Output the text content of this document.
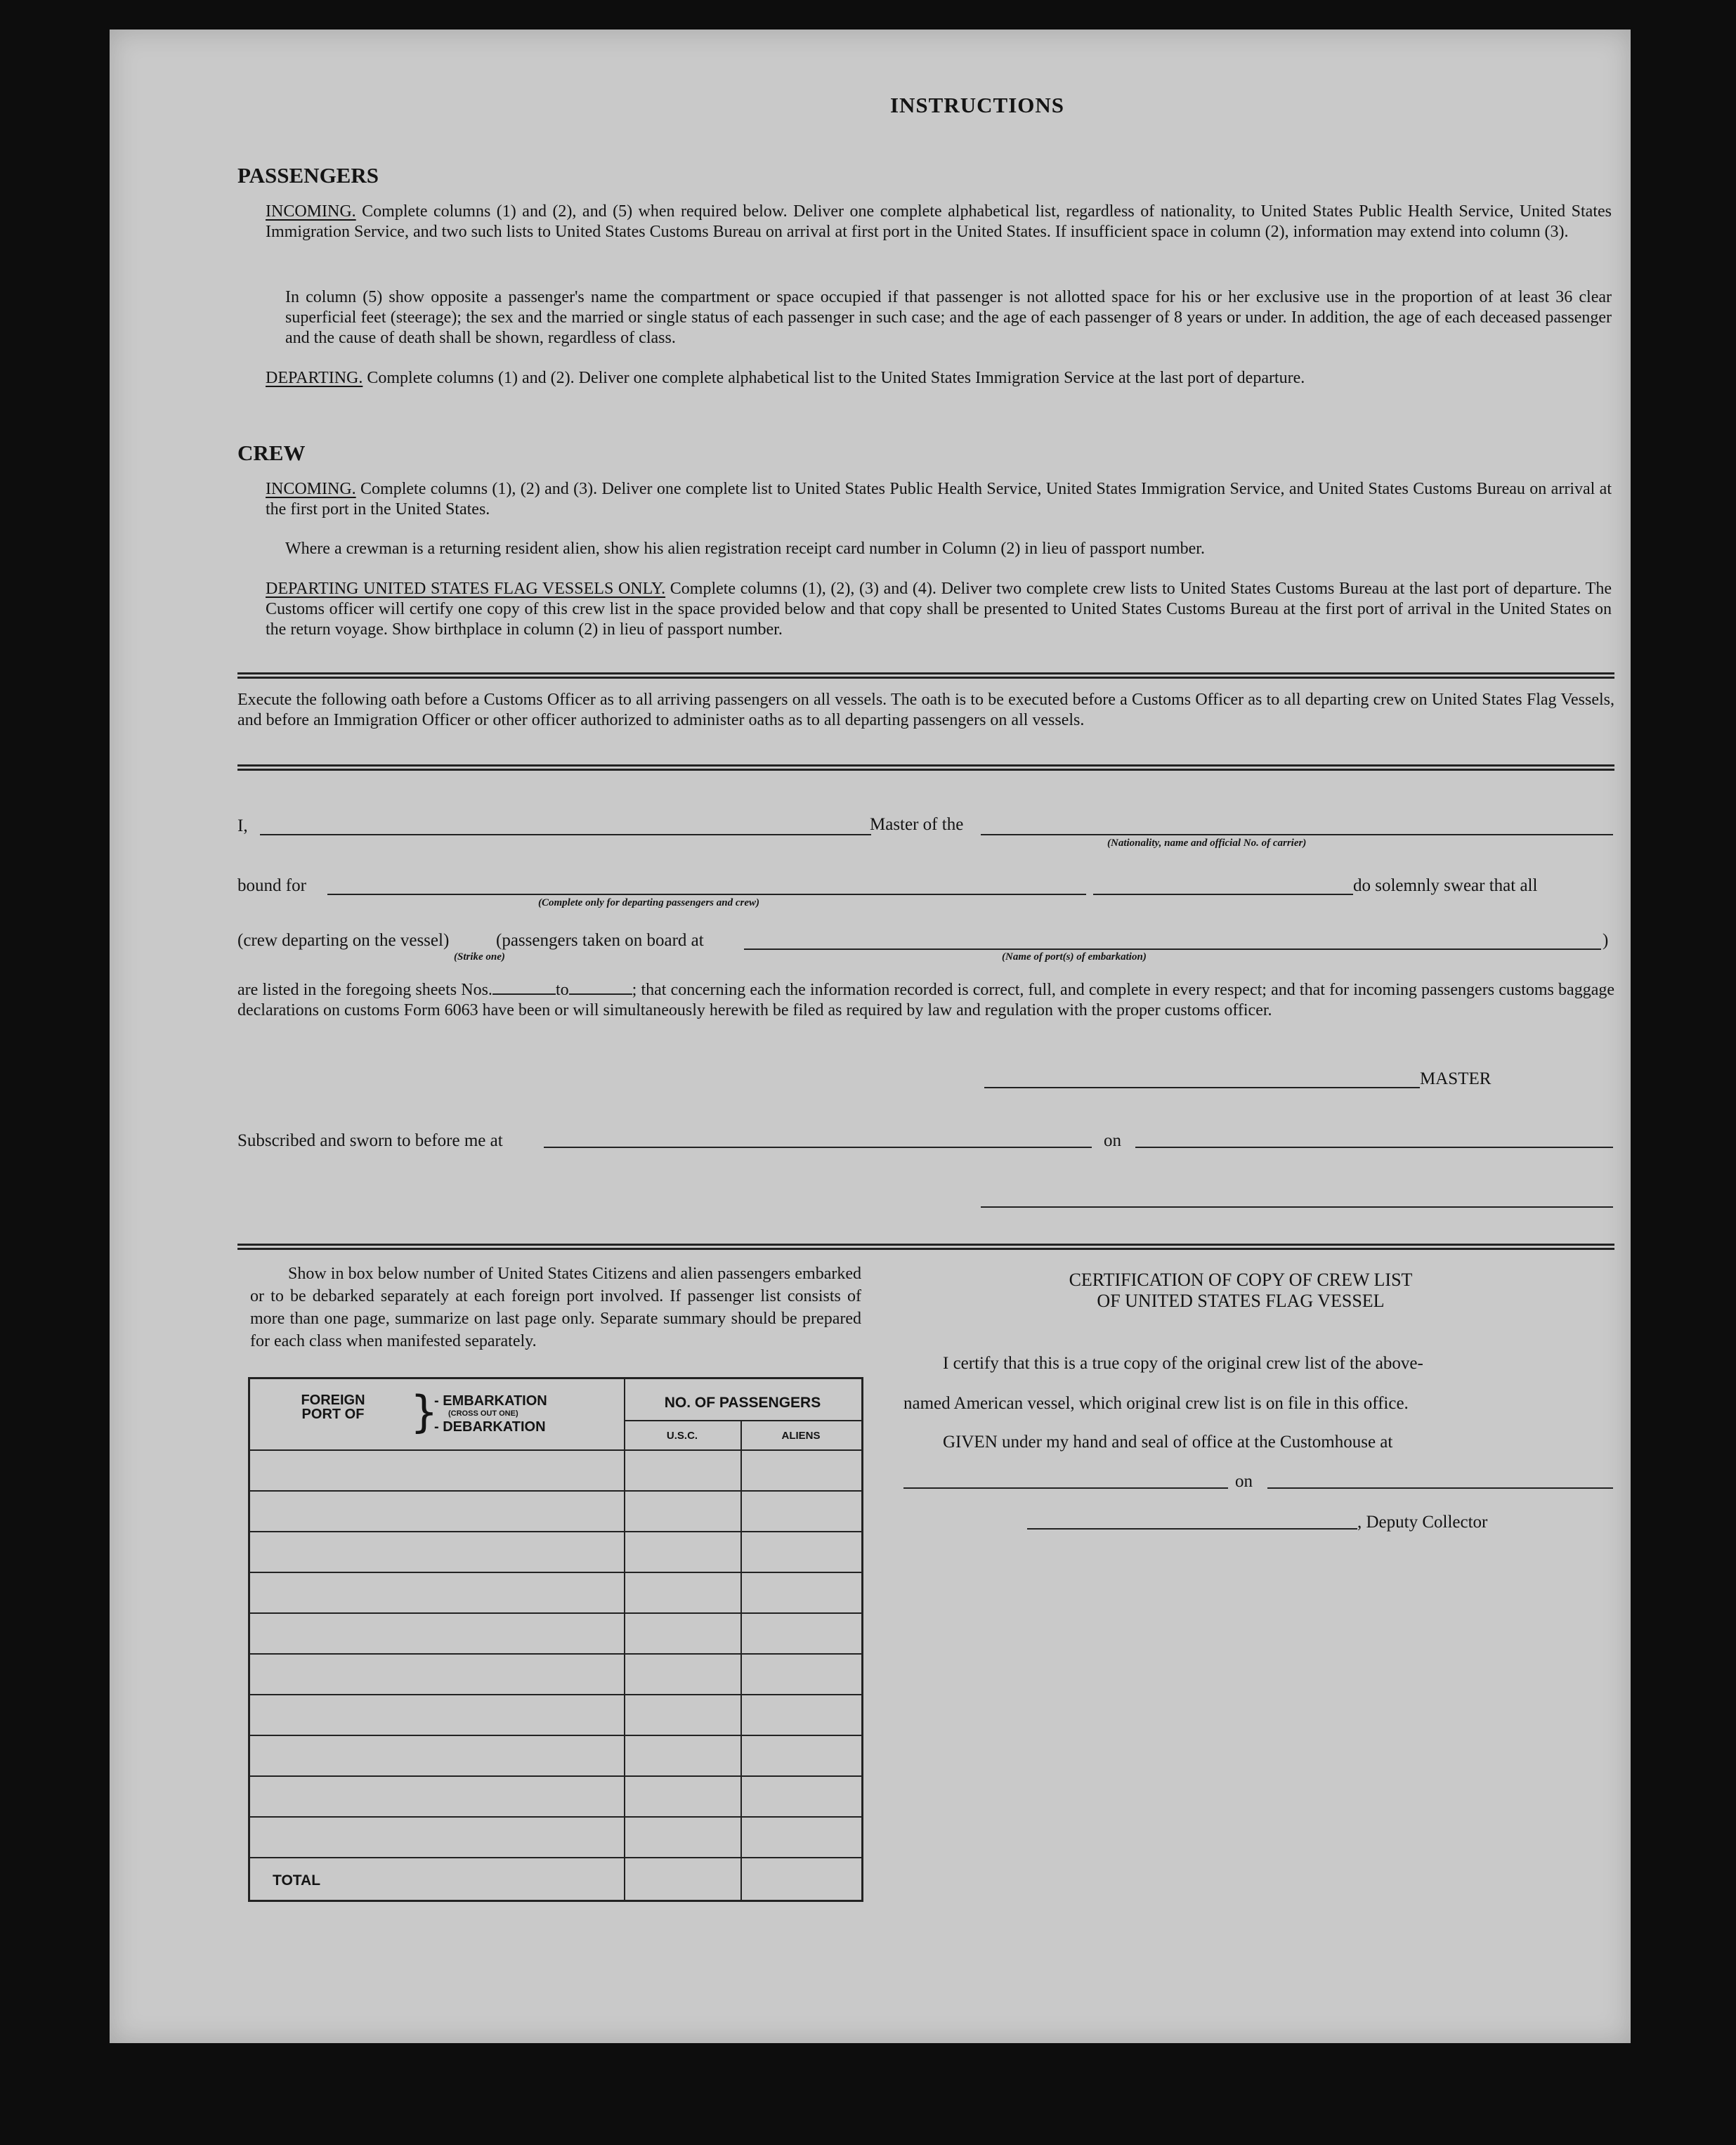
INSTRUCTIONS
PASSENGERS
INCOMING. Complete columns (1) and (2), and (5) when required below. Deliver one complete alphabetical list, regardless of nationality, to United States Public Health Service, United States Immigration Service, and two such lists to United States Customs Bureau on arrival at first port in the United States. If insufficient space in column (2), information may extend into column (3).
In column (5) show opposite a passenger's name the compartment or space occupied if that passenger is not allotted space for his or her exclusive use in the proportion of at least 36 clear superficial feet (steerage); the sex and the married or single status of each passenger in such case; and the age of each passenger of 8 years or under. In addition, the age of each deceased passenger and the cause of death shall be shown, regardless of class.
DEPARTING. Complete columns (1) and (2). Deliver one complete alphabetical list to the United States Immigration Service at the last port of departure.
CREW
INCOMING. Complete columns (1), (2) and (3). Deliver one complete list to United States Public Health Service, United States Immigration Service, and United States Customs Bureau on arrival at the first port in the United States.
Where a crewman is a returning resident alien, show his alien registration receipt card number in Column (2) in lieu of passport number.
DEPARTING UNITED STATES FLAG VESSELS ONLY. Complete columns (1), (2), (3) and (4). Deliver two complete crew lists to United States Customs Bureau at the last port of departure. The Customs officer will certify one copy of this crew list in the space provided below and that copy shall be presented to United States Customs Bureau at the first port of arrival in the United States on the return voyage. Show birthplace in column (2) in lieu of passport number.
Execute the following oath before a Customs Officer as to all arriving passengers on all vessels. The oath is to be executed before a Customs Officer as to all departing crew on United States Flag Vessels, and before an Immigration Officer or other officer authorized to administer oaths as to all departing passengers on all vessels.
I,	Master of the
(Nationality, name and official No. of carrier)
bound for
(Complete only for departing passengers and crew)
do solemnly swear that all
(crew departing on the vessel)	(passengers taken on board at
(Strike one)	(Name of port(s) of embarkation)
)
are listed in the foregoing sheets Nos.	to	; that concerning each the information recorded is correct, full, and complete in every respect; and that for incoming passengers customs baggage declarations on customs Form 6063 have been or will simultaneously herewith be filed as required by law and regulation with the proper customs officer.
MASTER
Subscribed and sworn to before me at	on
Show in box below number of United States Citizens and alien passengers embarked or to be debarked separately at each foreign port involved. If passenger list consists of more than one page, summarize on last page only. Separate summary should be prepared for each class when manifested separately.
FOREIGN PORT OF	}
- EMBARKATION
(CROSS OUT ONE)
- DEBARKATION
NO. OF PASSENGERS
U.S.C.	ALIENS
TOTAL
CERTIFICATION OF COPY OF CREW LIST
OF UNITED STATES FLAG VESSEL
I certify that this is a true copy of the original crew list of the above-
named American vessel, which original crew list is on file in this office.
GIVEN under my hand and seal of office at the Customhouse at
on
, Deputy Collector
